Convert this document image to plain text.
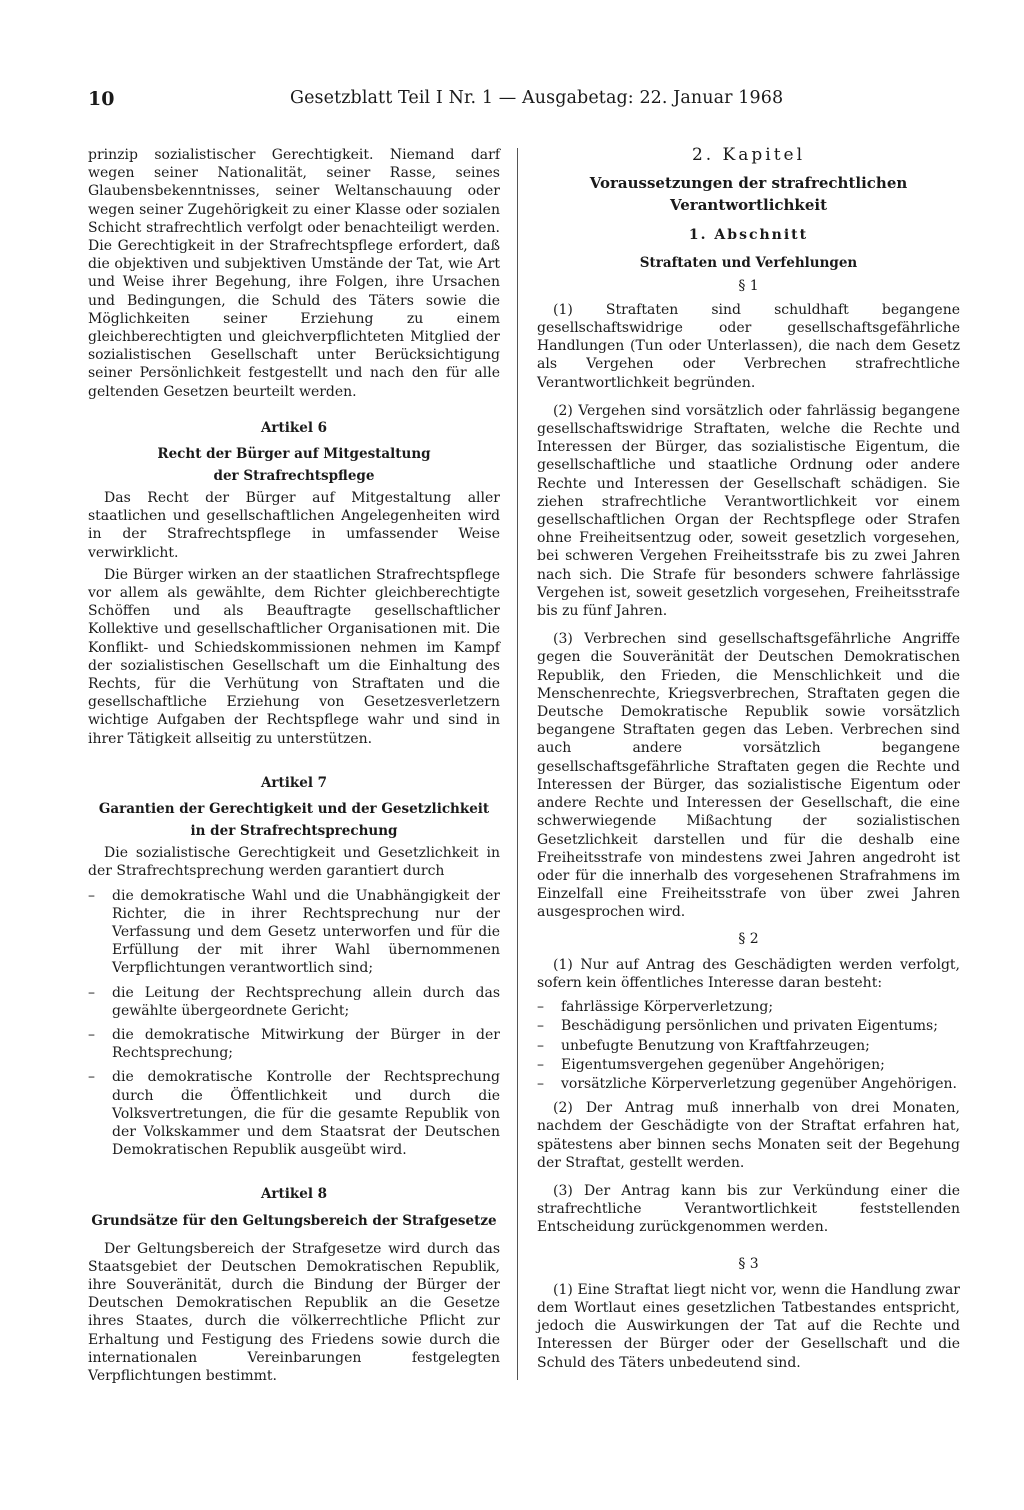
10	Gesetzblatt Teil I Nr. 1 — Ausgabetag: 22. Januar 1968

prinzip sozialistischer Gerechtigkeit. Niemand darf wegen seiner Nationalität, seiner Rasse, seines Glaubensbekenntnisses, seiner Weltanschauung oder wegen seiner Zugehörigkeit zu einer Klasse oder sozialen Schicht strafrechtlich verfolgt oder benachteiligt werden. Die Gerechtigkeit in der Strafrechtspflege erfordert, daß die objektiven und subjektiven Umstände der Tat, wie Art und Weise ihrer Begehung, ihre Folgen, ihre Ursachen und Bedingungen, die Schuld des Täters sowie die Möglichkeiten seiner Erziehung zu einem gleichberechtigten und gleichverpflichteten Mitglied der sozialistischen Gesellschaft unter Berücksichtigung seiner Persönlichkeit festgestellt und nach den für alle geltenden Gesetzen beurteilt werden.

Artikel 6

Recht der Bürger auf Mitgestaltung

der Strafrechtspflege

Das Recht der Bürger auf Mitgestaltung aller staatlichen und gesellschaftlichen Angelegenheiten wird in der Strafrechtspflege in umfassender Weise verwirklicht.

Die Bürger wirken an der staatlichen Strafrechtspflege vor allem als gewählte, dem Richter gleichberechtigte Schöffen und als Beauftragte gesellschaftlicher Kollektive und gesellschaftlicher Organisationen mit. Die Konflikt- und Schiedskommissionen nehmen im Kampf der sozialistischen Gesellschaft um die Einhaltung des Rechts, für die Verhütung von Straftaten und die gesellschaftliche Erziehung von Gesetzesverletzern wichtige Aufgaben der Rechtspflege wahr und sind in ihrer Tätigkeit allseitig zu unterstützen.

Artikel 7

Garantien der Gerechtigkeit und der Gesetzlichkeit

in der Strafrechtsprechung

Die sozialistische Gerechtigkeit und Gesetzlichkeit in der Strafrechtsprechung werden garantiert durch

– die demokratische Wahl und die Unabhängigkeit der Richter, die in ihrer Rechtsprechung nur der Verfassung und dem Gesetz unterworfen und für die Erfüllung der mit ihrer Wahl übernommenen Verpflichtungen verantwortlich sind;
– die Leitung der Rechtsprechung allein durch das gewählte übergeordnete Gericht;
– die demokratische Mitwirkung der Bürger in der Rechtsprechung;
– die demokratische Kontrolle der Rechtsprechung durch die Öffentlichkeit und durch die Volksvertretungen, die für die gesamte Republik von der Volkskammer und dem Staatsrat der Deutschen Demokratischen Republik ausgeübt wird.

Artikel 8

Grundsätze für den Geltungsbereich der Strafgesetze

Der Geltungsbereich der Strafgesetze wird durch das Staatsgebiet der Deutschen Demokratischen Republik, ihre Souveränität, durch die Bindung der Bürger der Deutschen Demokratischen Republik an die Gesetze ihres Staates, durch die völkerrechtliche Pflicht zur Erhaltung und Festigung des Friedens sowie durch die internationalen Vereinbarungen festgelegten Verpflichtungen bestimmt.

2. Kapitel

Voraussetzungen der strafrechtlichen

Verantwortlichkeit

1. Abschnitt

Straftaten und Verfehlungen

§ 1

(1) Straftaten sind schuldhaft begangene gesellschaftswidrige oder gesellschaftsgefährliche Handlungen (Tun oder Unterlassen), die nach dem Gesetz als Vergehen oder Verbrechen strafrechtliche Verantwortlichkeit begründen.

(2) Vergehen sind vorsätzlich oder fahrlässig begangene gesellschaftswidrige Straftaten, welche die Rechte und Interessen der Bürger, das sozialistische Eigentum, die gesellschaftliche und staatliche Ordnung oder andere Rechte und Interessen der Gesellschaft schädigen. Sie ziehen strafrechtliche Verantwortlichkeit vor einem gesellschaftlichen Organ der Rechtspflege oder Strafen ohne Freiheitsentzug oder, soweit gesetzlich vorgesehen, bei schweren Vergehen Freiheitsstrafe bis zu zwei Jahren nach sich. Die Strafe für besonders schwere fahrlässige Vergehen ist, soweit gesetzlich vorgesehen, Freiheitsstrafe bis zu fünf Jahren.

(3) Verbrechen sind gesellschaftsgefährliche Angriffe gegen die Souveränität der Deutschen Demokratischen Republik, den Frieden, die Menschlichkeit und die Menschenrechte, Kriegsverbrechen, Straftaten gegen die Deutsche Demokratische Republik sowie vorsätzlich begangene Straftaten gegen das Leben. Verbrechen sind auch andere vorsätzlich begangene gesellschaftsgefährliche Straftaten gegen die Rechte und Interessen der Bürger, das sozialistische Eigentum oder andere Rechte und Interessen der Gesellschaft, die eine schwerwiegende Mißachtung der sozialistischen Gesetzlichkeit darstellen und für die deshalb eine Freiheitsstrafe von mindestens zwei Jahren angedroht ist oder für die innerhalb des vorgesehenen Strafrahmens im Einzelfall eine Freiheitsstrafe von über zwei Jahren ausgesprochen wird.

§ 2

(1) Nur auf Antrag des Geschädigten werden verfolgt, sofern kein öffentliches Interesse daran besteht:

– fahrlässige Körperverletzung;
– Beschädigung persönlichen und privaten Eigentums;
– unbefugte Benutzung von Kraftfahrzeugen;
– Eigentumsvergehen gegenüber Angehörigen;
– vorsätzliche Körperverletzung gegenüber Angehörigen.

(2) Der Antrag muß innerhalb von drei Monaten, nachdem der Geschädigte von der Straftat erfahren hat, spätestens aber binnen sechs Monaten seit der Begehung der Straftat, gestellt werden.

(3) Der Antrag kann bis zur Verkündung einer die strafrechtliche Verantwortlichkeit feststellenden Entscheidung zurückgenommen werden.

§ 3

(1) Eine Straftat liegt nicht vor, wenn die Handlung zwar dem Wortlaut eines gesetzlichen Tatbestandes entspricht, jedoch die Auswirkungen der Tat auf die Rechte und Interessen der Bürger oder der Gesellschaft und die Schuld des Täters unbedeutend sind.
